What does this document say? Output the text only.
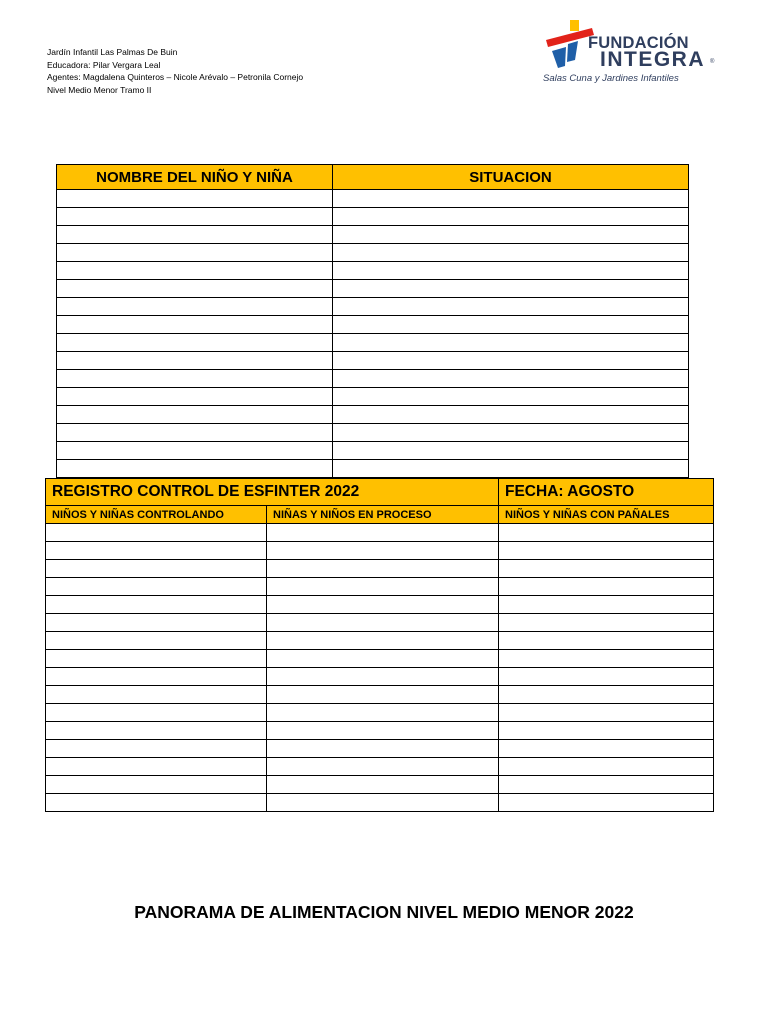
Jardín Infantil Las Palmas De Buin
Educadora: Pilar Vergara Leal
Agentes: Magdalena Quinteros – Nicole Arévalo – Petronila Cornejo
Nivel Medio Menor Tramo II
FUNDACIÓN
INTEGRA ®
Salas Cuna y Jardines Infantiles
NOMBRE DEL NIÑO Y NIÑA	SITUACION

REGISTRO CONTROL DE ESFINTER 2022		FECHA: AGOSTO
NIÑOS Y NIÑAS CONTROLANDO	NIÑAS Y NIÑOS EN PROCESO	NIÑOS Y NIÑAS CON PAÑALES

PANORAMA DE ALIMENTACION NIVEL MEDIO MENOR 2022
